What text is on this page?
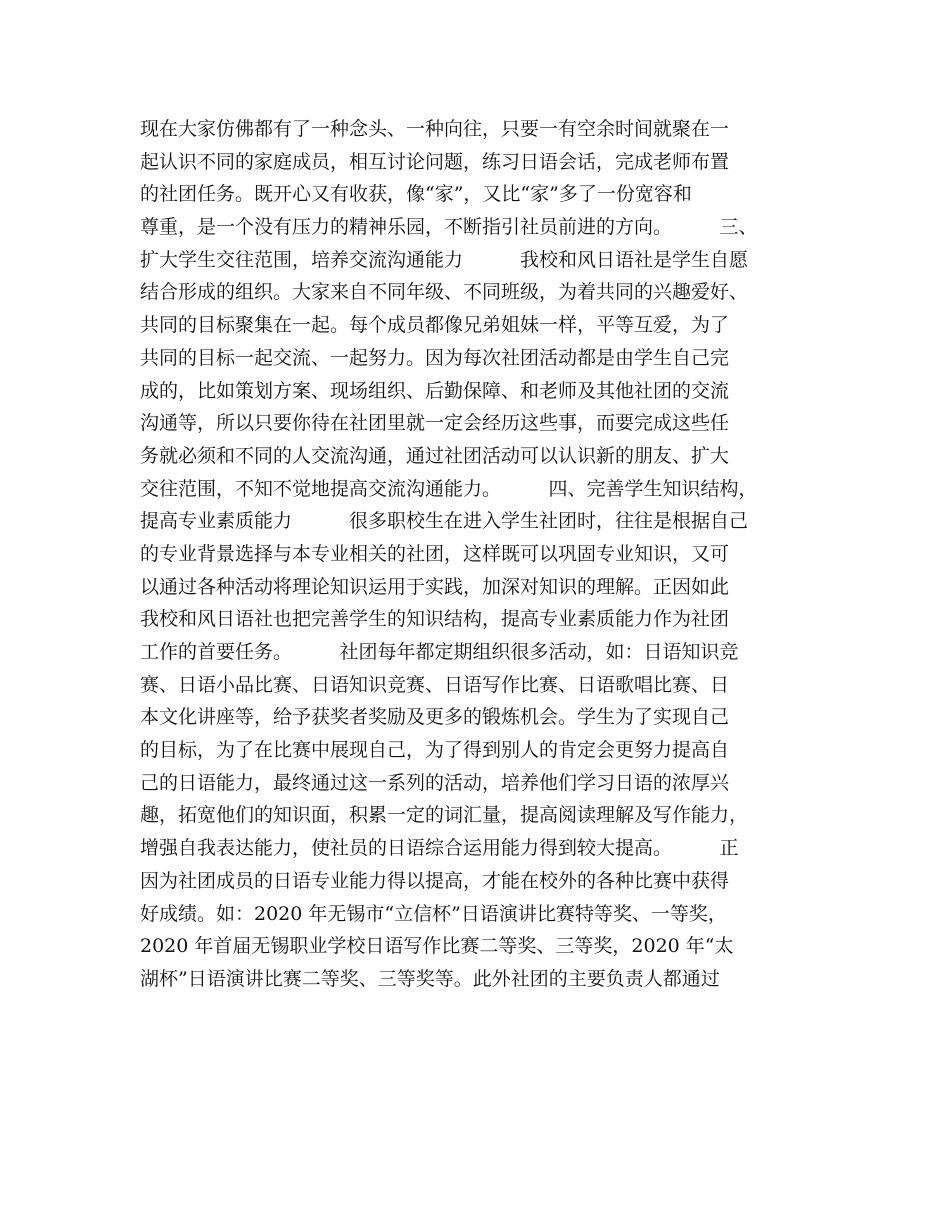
现在大家仿佛都有了一种念头、一种向往，只要一有空余时间就聚在一
起认识不同的家庭成员，相互讨论问题，练习日语会话，完成老师布置
的社团任务。既开心又有收获，像“家”，又比“家”多了一份宽容和
尊重，是一个没有压力的精神乐园，不断指引社员前进的方向。　　　三、
扩大学生交往范围，培养交流沟通能力　　　我校和风日语社是学生自愿
结合形成的组织。大家来自不同年级、不同班级，为着共同的兴趣爱好、
共同的目标聚集在一起。每个成员都像兄弟姐妹一样，平等互爱，为了
共同的目标一起交流、一起努力。因为每次社团活动都是由学生自己完
成的，比如策划方案、现场组织、后勤保障、和老师及其他社团的交流
沟通等，所以只要你待在社团里就一定会经历这些事，而要完成这些任
务就必须和不同的人交流沟通，通过社团活动可以认识新的朋友、扩大
交往范围，不知不觉地提高交流沟通能力。　　　四、完善学生知识结构，
提高专业素质能力　　　很多职校生在进入学生社团时，往往是根据自己
的专业背景选择与本专业相关的社团，这样既可以巩固专业知识，又可
以通过各种活动将理论知识运用于实践，加深对知识的理解。正因如此
我校和风日语社也把完善学生的知识结构，提高专业素质能力作为社团
工作的首要任务。　　　社团每年都定期组织很多活动，如：日语知识竞
赛、日语小品比赛、日语知识竞赛、日语写作比赛、日语歌唱比赛、日
本文化讲座等，给予获奖者奖励及更多的锻炼机会。学生为了实现自己
的目标，为了在比赛中展现自己，为了得到别人的肯定会更努力提高自
己的日语能力，最终通过这一系列的活动，培养他们学习日语的浓厚兴
趣，拓宽他们的知识面，积累一定的词汇量，提高阅读理解及写作能力，
增强自我表达能力，使社员的日语综合运用能力得到较大提高。　　　正
因为社团成员的日语专业能力得以提高，才能在校外的各种比赛中获得
好成绩。如：2020 年无锡市“立信杯”日语演讲比赛特等奖、一等奖，
2020 年首届无锡职业学校日语写作比赛二等奖、三等奖，2020 年“太
湖杯”日语演讲比赛二等奖、三等奖等。此外社团的主要负责人都通过
